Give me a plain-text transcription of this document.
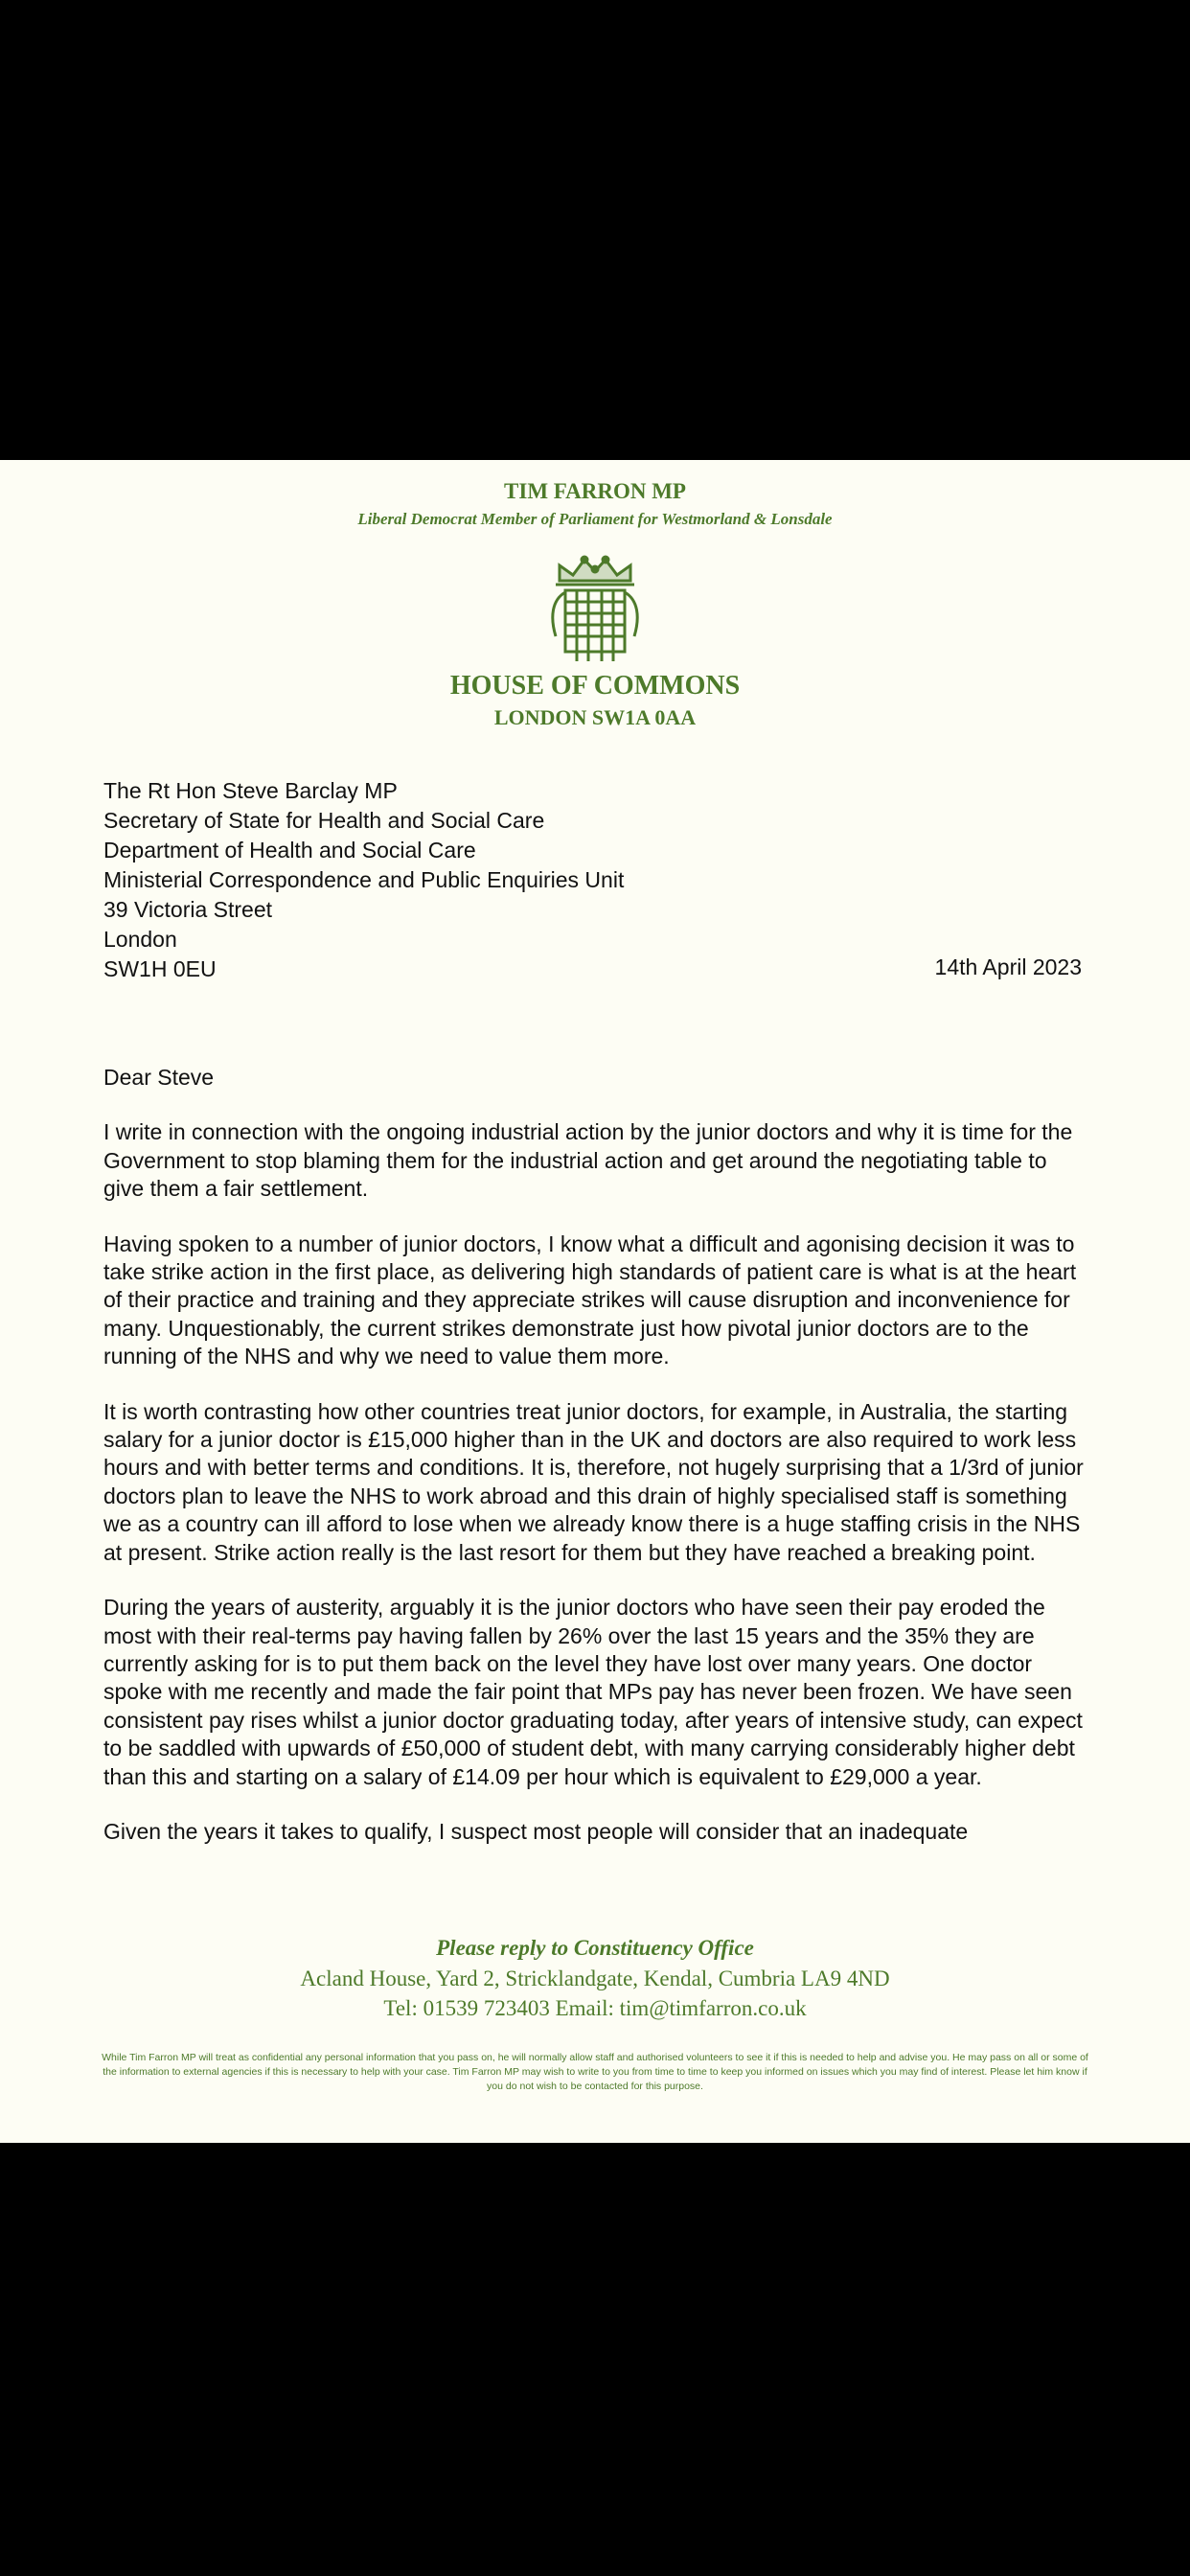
TIM FARRON MP
Liberal Democrat Member of Parliament for Westmorland & Lonsdale
HOUSE OF COMMONS
LONDON SW1A 0AA
The Rt Hon Steve Barclay MP
Secretary of State for Health and Social Care
Department of Health and Social Care
Ministerial Correspondence and Public Enquiries Unit
39 Victoria Street
London
SW1H 0EU	14th April 2023

Dear Steve

I write in connection with the ongoing industrial action by the junior doctors and why it is time for the Government to stop blaming them for the industrial action and get around the negotiating table to give them a fair settlement.

Having spoken to a number of junior doctors, I know what a difficult and agonising decision it was to take strike action in the first place, as delivering high standards of patient care is what is at the heart of their practice and training and they appreciate strikes will cause disruption and inconvenience for many. Unquestionably, the current strikes demonstrate just how pivotal junior doctors are to the running of the NHS and why we need to value them more.

It is worth contrasting how other countries treat junior doctors, for example, in Australia, the starting salary for a junior doctor is £15,000 higher than in the UK and doctors are also required to work less hours and with better terms and conditions. It is, therefore, not hugely surprising that a 1/3rd of junior doctors plan to leave the NHS to work abroad and this drain of highly specialised staff is something we as a country can ill afford to lose when we already know there is a huge staffing crisis in the NHS at present. Strike action really is the last resort for them but they have reached a breaking point.

During the years of austerity, arguably it is the junior doctors who have seen their pay eroded the most with their real-terms pay having fallen by 26% over the last 15 years and the 35% they are currently asking for is to put them back on the level they have lost over many years. One doctor spoke with me recently and made the fair point that MPs pay has never been frozen. We have seen consistent pay rises whilst a junior doctor graduating today, after years of intensive study, can expect to be saddled with upwards of £50,000 of student debt, with many carrying considerably higher debt than this and starting on a salary of £14.09 per hour which is equivalent to £29,000 a year.

Given the years it takes to qualify, I suspect most people will consider that an inadequate

Please reply to Constituency Office
Acland House, Yard 2, Stricklandgate, Kendal, Cumbria LA9 4ND
Tel: 01539 723403 Email: tim@timfarron.co.uk
While Tim Farron MP will treat as confidential any personal information that you pass on, he will normally allow staff and authorised volunteers to see it if this is needed to help and advise you. He may pass on all or some of the information to external agencies if this is necessary to help with your case. Tim Farron MP may wish to write to you from time to time to keep you informed on issues which you may find of interest. Please let him know if you do not wish to be contacted for this purpose.
